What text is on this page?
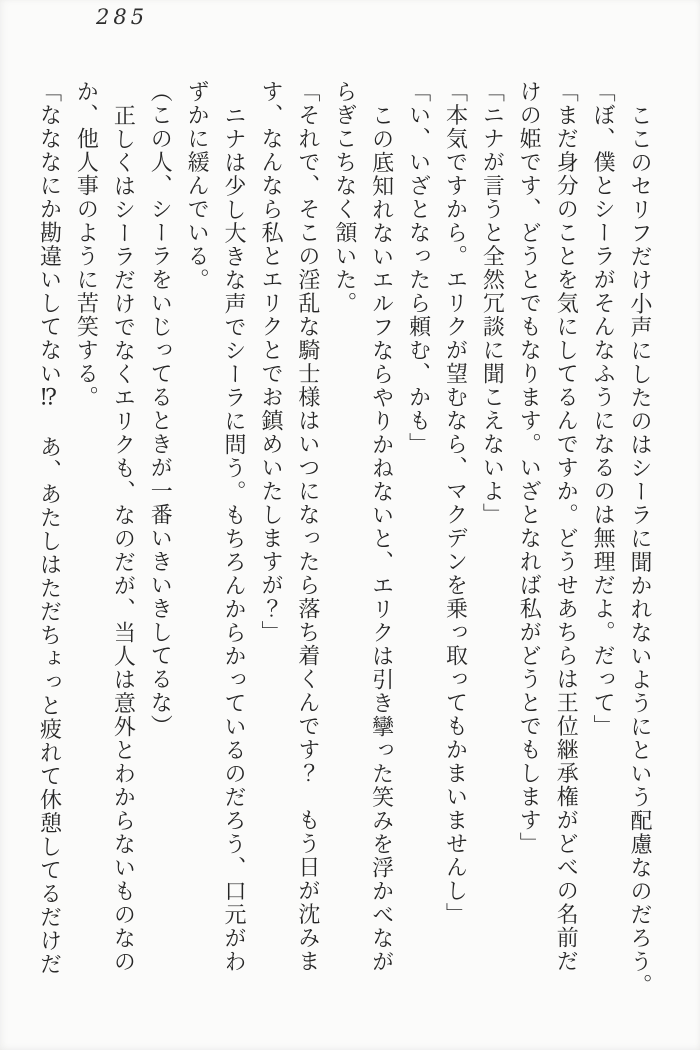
285
ここのセリフだけ小声にしたのはシーラに聞かれないようにという配慮なのだろう。
「ぼ、僕とシーラがそんなふうになるのは無理だよ。だって」
「まだ身分のことを気にしてるんですか。どうせあちらは王位継承権がどべの名前だ
けの姫です、どうとでもなります。いざとなれば私がどうとでもします」
「ニナが言うと全然冗談に聞こえないよ」
「本気ですから。エリクが望むなら、マクデンを乗っ取ってもかまいませんし」
「い、いざとなったら頼む、かも」
この底知れないエルフならやりかねないと、エリクは引き攣った笑みを浮かべなが
らぎこちなく頷いた。
「それで、そこの淫乱な騎士様はいつになったら落ち着くんです？　もう日が沈みま
す、なんなら私とエリクとでお鎮めいたしますが？」
ニナは少し大きな声でシーラに問う。もちろんからかっているのだろう、口元がわ
ずかに緩んでいる。
（この人、シーラをいじってるときが一番いきいきしてるな）
正しくはシーラだけでなくエリクも、なのだが、当人は意外とわからないものなの
か、他人事のように苦笑する。
「なななにか勘違いしてない⁉　あ、あたしはただちょっと疲れて休憩してるだけだ
